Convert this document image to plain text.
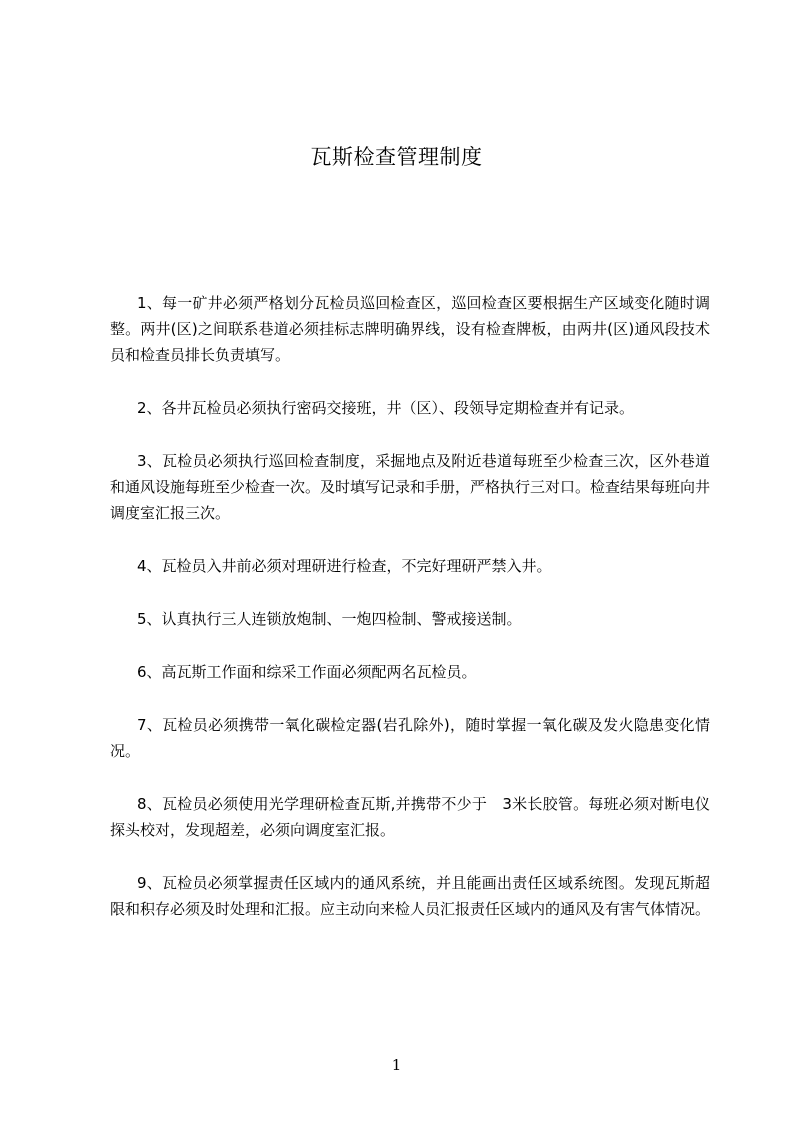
瓦斯检查管理制度

1、每一矿井必须严格划分瓦检员巡回检查区，巡回检查区要根据生产区域变化随时调整。两井(区)之间联系巷道必须挂标志牌明确界线，设有检查牌板，由两井(区)通风段技术员和检查员排长负责填写。

2、各井瓦检员必须执行密码交接班，井（区）、段领导定期检查并有记录。

3、瓦检员必须执行巡回检查制度，采掘地点及附近巷道每班至少检查三次，区外巷道和通风设施每班至少检查一次。及时填写记录和手册，严格执行三对口。检查结果每班向井调度室汇报三次。

4、瓦检员入井前必须对理研进行检查，不完好理研严禁入井。

5、认真执行三人连锁放炮制、一炮四检制、警戒接送制。

6、高瓦斯工作面和综采工作面必须配两名瓦检员。

7、瓦检员必须携带一氧化碳检定器(岩孔除外)，随时掌握一氧化碳及发火隐患变化情况。

8、瓦检员必须使用光学理研检查瓦斯,并携带不少于　3米长胶管。每班必须对断电仪探头校对，发现超差，必须向调度室汇报。

9、瓦检员必须掌握责任区域内的通风系统，并且能画出责任区域系统图。发现瓦斯超限和积存必须及时处理和汇报。应主动向来检人员汇报责任区域内的通风及有害气体情况。

1
